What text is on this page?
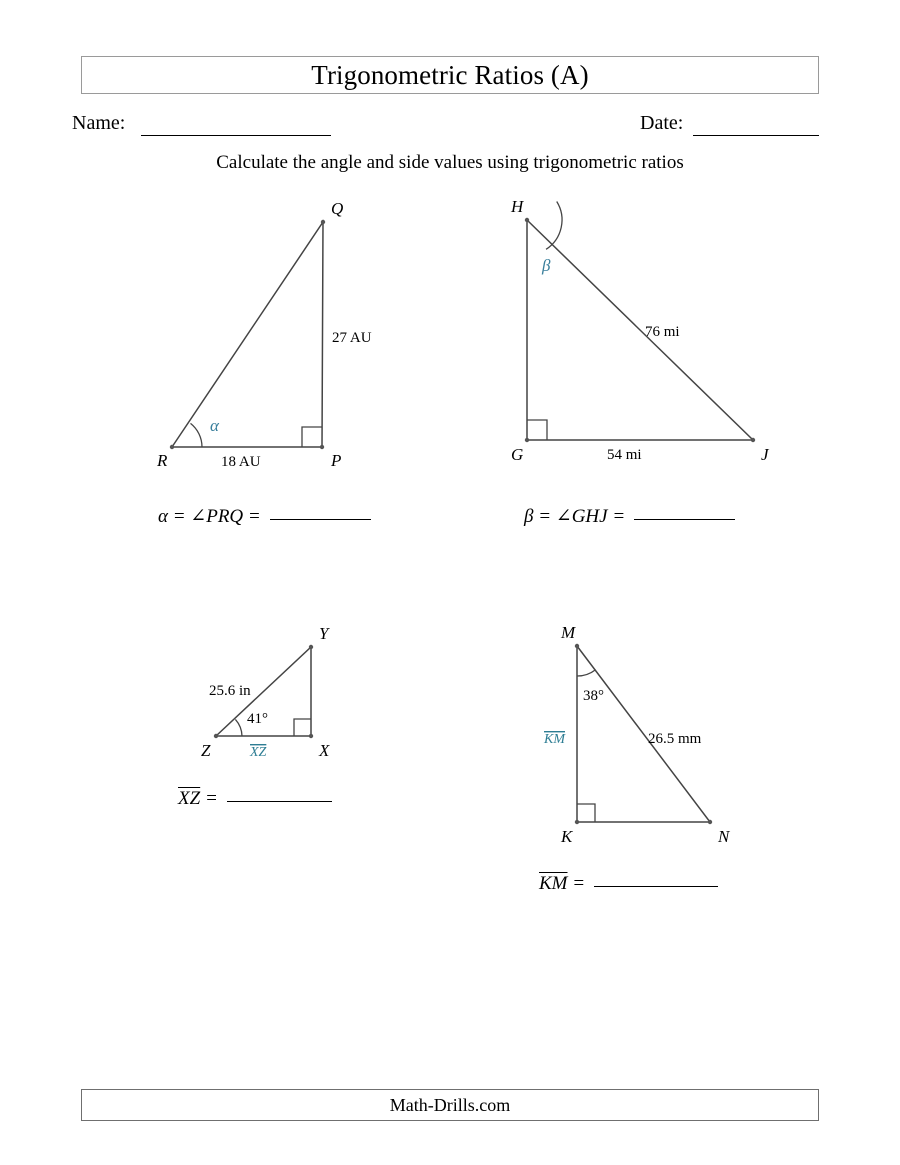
Trigonometric Ratios (A)
Name:	Date:
Calculate the angle and side values using trigonometric ratios
R	P
Q
18 AU
27 AU
α
α = ∠PRQ =
H
G	J
54 mi
76 mi
β
β = ∠GHJ =
Z	X
Y
25.6 in
41°
XZ
$\overline{XZ}$ =
M
K	N
38°
26.5 mm
KM
$\overline{KM}$ =
Math-Drills.com
